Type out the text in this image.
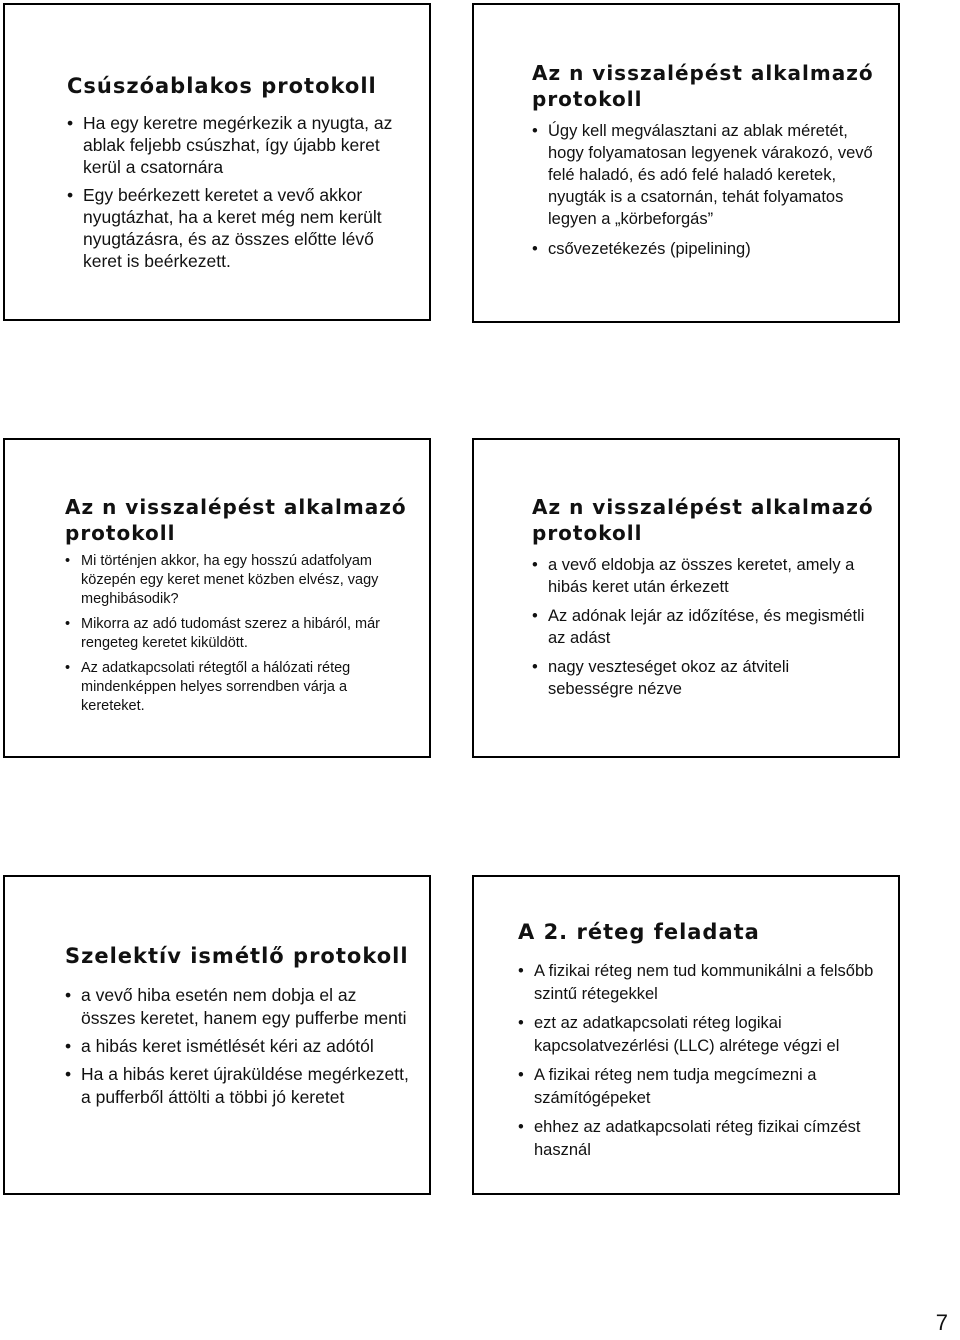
Csúszóablakos protokoll
• Ha egy keretre megérkezik a nyugta, az ablak feljebb csúszhat, így újabb keret kerül a csatornára
• Egy beérkezett keretet a vevő akkor nyugtázhat, ha a keret még nem került nyugtázásra, és az összes előtte lévő keret is beérkezett.
Az n visszalépést alkalmazó protokoll
• Úgy kell megválasztani az ablak méretét, hogy folyamatosan legyenek várakozó, vevő felé haladó, és adó felé haladó keretek, nyugták is a csatornán, tehát folyamatos legyen a „körbeforgás”
• csővezetékezés (pipelining)
Az n visszalépést alkalmazó protokoll
• Mi történjen akkor, ha egy hosszú adatfolyam közepén egy keret menet közben elvész, vagy meghibásodik?
• Mikorra az adó tudomást szerez a hibáról, már rengeteg keretet kiküldött.
• Az adatkapcsolati rétegtől a hálózati réteg mindenképpen helyes sorrendben várja a kereteket.
Az n visszalépést alkalmazó protokoll
• a vevő eldobja az összes keretet, amely a hibás keret után érkezett
• Az adónak lejár az időzítése, és megismétli az adást
• nagy veszteséget okoz az átviteli sebességre nézve
Szelektív ismétlő protokoll
• a vevő hiba esetén nem dobja el az összes keretet, hanem egy pufferbe menti
• a hibás keret ismétlését kéri az adótól
• Ha a hibás keret újraküldése megérkezett, a pufferből áttölti a többi jó keretet
A 2. réteg feladata
• A fizikai réteg nem tud kommunikálni a felsőbb szintű rétegekkel
• ezt az adatkapcsolati réteg logikai kapcsolatvezérlési (LLC) alrétege végzi el
• A fizikai réteg nem tudja megcímezni a számítógépeket
• ehhez az adatkapcsolati réteg fizikai címzést használ
7
